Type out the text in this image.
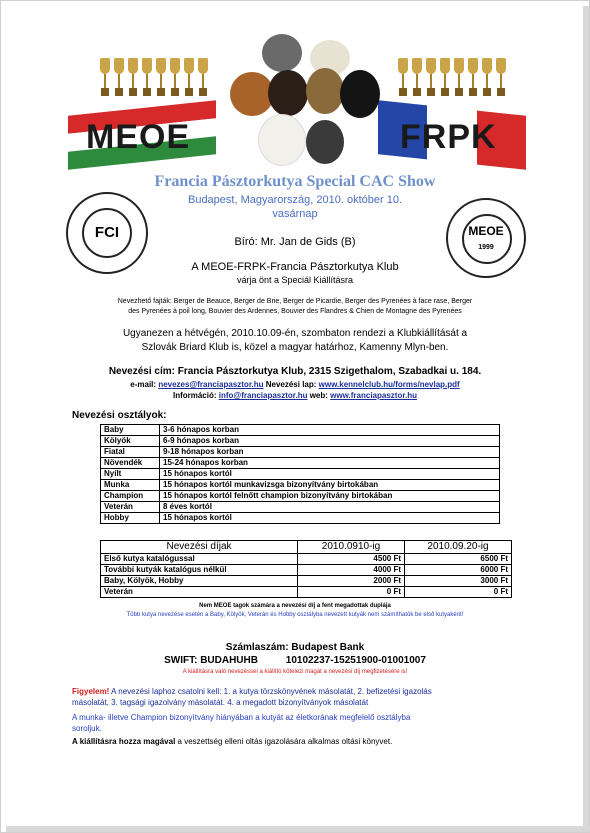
MEOE	FRPK
FCI	MEOE
1999
Francia Pásztorkutya Special CAC Show
Budapest, Magyarország, 2010. október 10.
vasárnap
Bíró: Mr. Jan de Gids (B)
A MEOE-FRPK-Francia Pásztorkutya Klub
várja önt a Speciál Kiállításra
Nevezhető fajták: Berger de Beauce, Berger de Brie, Berger de Picardie, Berger des Pyrenées à face rase, Berger
des Pyrenées à poil long, Bouvier des Ardennes, Bouvier des Flandres & Chien de Montagne des Pyrenées
Ugyanezen a hétvégén, 2010.10.09-én, szombaton rendezi a Klubkiállítását a
Szlovák Briard Klub is, közel a magyar határhoz, Kamenny Mlyn-ben.
Nevezési cím: Francia Pásztorkutya Klub, 2315 Szigethalom, Szabadkai u. 184.
e-mail: nevezes@franciapasztor.hu Nevezési lap: www.kennelclub.hu/forms/nevlap.pdf
Információ: info@franciapasztor.hu web: www.franciapasztor.hu
Nevezési osztályok:
Baby	3-6 hónapos korban
Kölyök	6-9 hónapos korban
Fiatal	9-18 hónapos korban
Növendék	15-24 hónapos korban
Nyílt	15 hónapos kortól
Munka	15 hónapos kortól munkavizsga bizonyítvány birtokában
Champion	15 hónapos kortól felnőtt champion bizonyítvány birtokában
Veterán	8 éves kortól
Hobby	15 hónapos kortól
Nevezési díjak	2010.0910-ig	2010.09.20-ig
Első kutya katalógussal	4500 Ft	6500 Ft
További kutyák katalógus nélkül	4000 Ft	6000 Ft
Baby, Kölyök, Hobby	2000 Ft	3000 Ft
Veterán	0 Ft	0 Ft
Nem MEOE tagok számára a nevezési díj a fent megadottak duplája
Több kutya nevezése esetén a Baby, Kölyök, Veterán és Hobby osztályba nevezett kutyák nem számíthatók be első kutyaként!
Számlaszám: Budapest Bank
SWIFT: BUDAHUHB          10102237-15251900-01001007
A kiállításra való nevezéssel a kiállító kötelezi magát a nevezési díj megfizetésére is!
Figyelem! A nevezési laphoz csatolni kell: 1. a kutya törzskönyvének másolatát, 2. befizetési igazolás
másolatát, 3. tagsági igazolvány másolatát. 4. a megadott bizonyítványok másolatát
A munka- illetve Champion bizonyítvány hiányában a kutyát az életkorának megfelelő osztályba
soroljuk.
A kiállításra hozza magával a veszettség elleni oltás igazolására alkalmas oltási könyvet.
